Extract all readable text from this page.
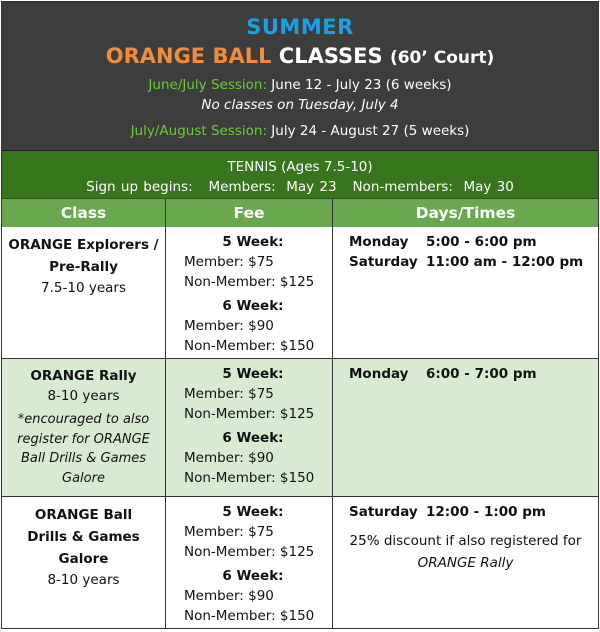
SUMMER
ORANGE BALL CLASSES (60’ Court)
June/July Session: June 12 - July 23 (6 weeks)
No classes on Tuesday, July 4
July/August Session: July 24 - August 27 (5 weeks)
TENNIS (Ages 7.5-10)
Sign up begins:   Members:  May 23   Non-members:  May 30
Class	Fee	Days/Times
ORANGE Explorers /
Pre-Rally
7.5-10 years
5 Week:
Member: $75
Non-Member: $125
6 Week:
Member: $90
Non-Member: $150
Monday 5:00 - 6:00 pm
Saturday 11:00 am - 12:00 pm
ORANGE Rally
8-10 years
*encouraged to also
register for ORANGE
Ball Drills & Games
Galore
5 Week:
Member: $75
Non-Member: $125
6 Week:
Member: $90
Non-Member: $150
Monday 6:00 - 7:00 pm
ORANGE Ball
Drills & Games
Galore
8-10 years
5 Week:
Member: $75
Non-Member: $125
6 Week:
Member: $90
Non-Member: $150
Saturday 12:00 - 1:00 pm
25% discount if also registered for
ORANGE Rally
